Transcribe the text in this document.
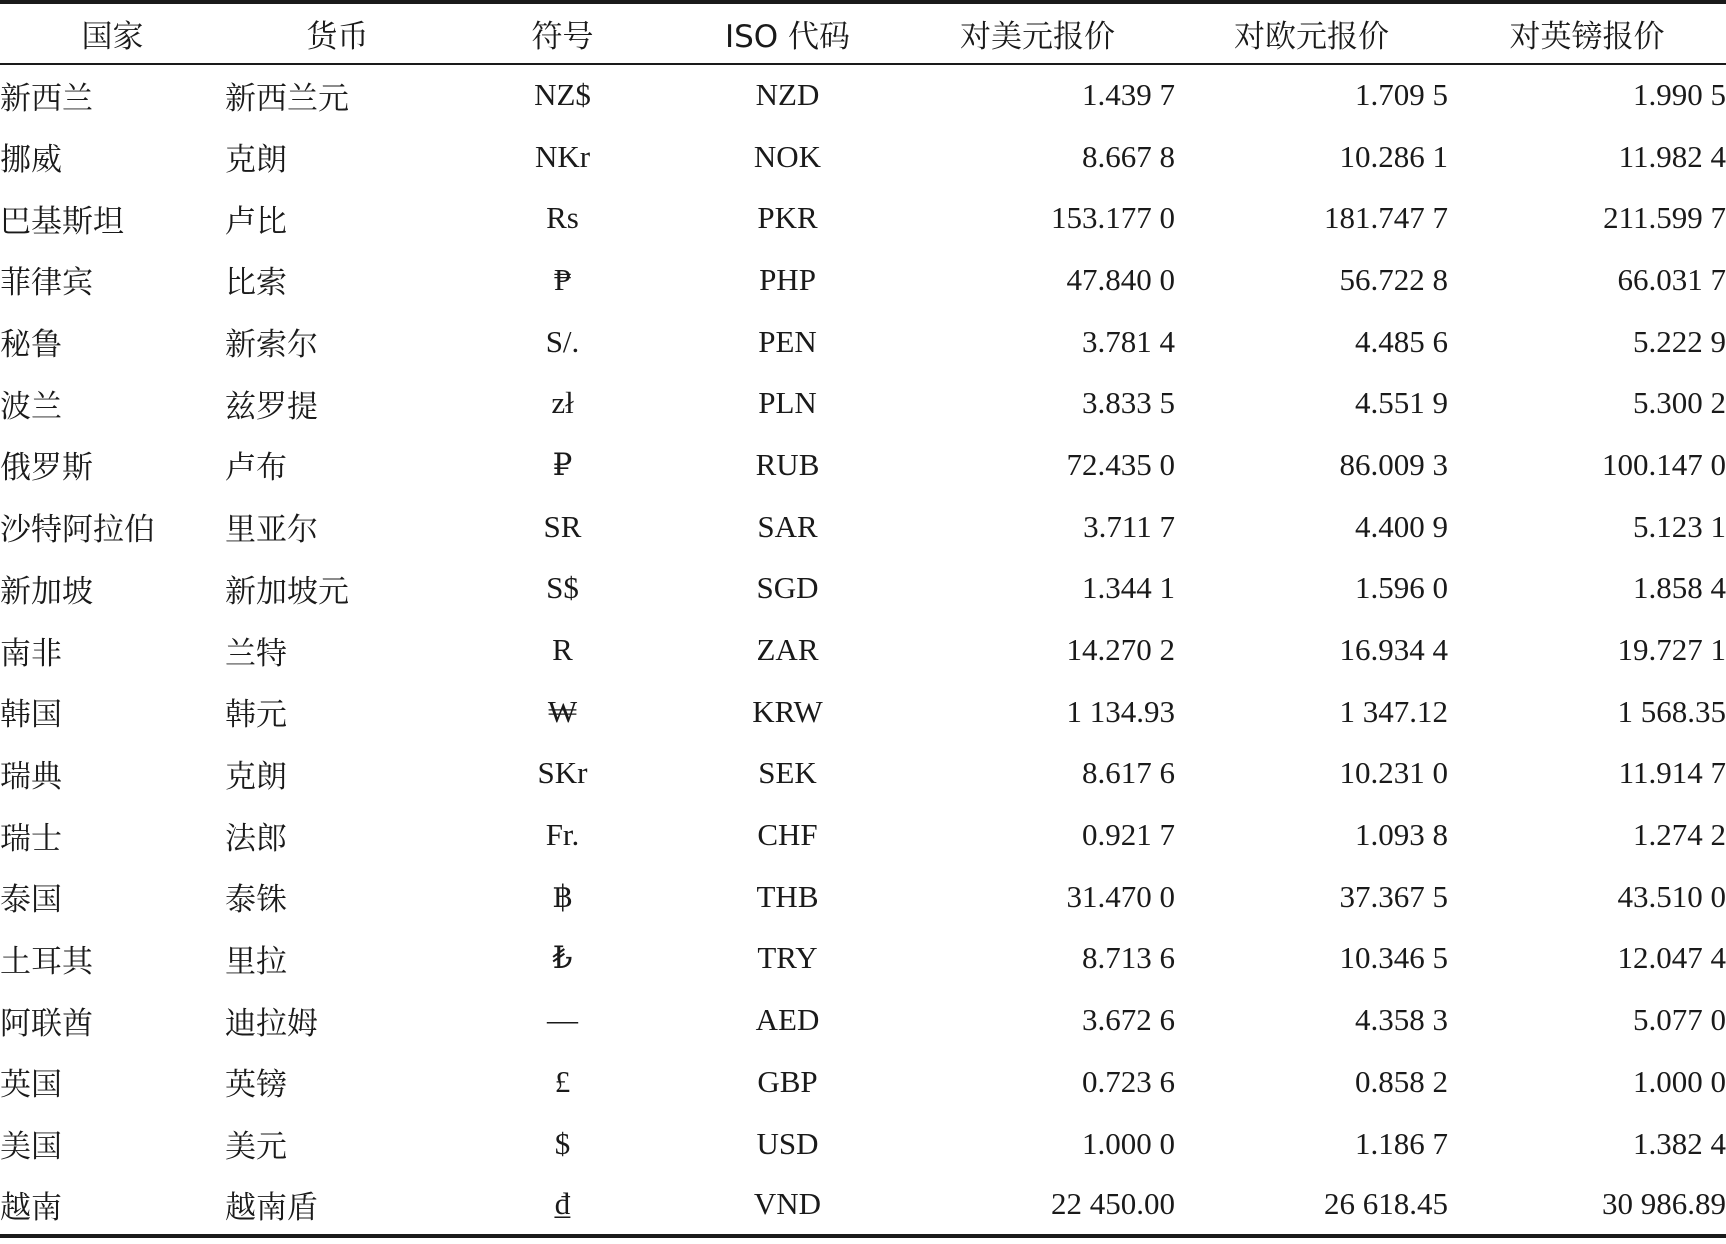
国家	货币	符号	ISO 代码	对美元报价	对欧元报价	对英镑报价
新西兰	新西兰元	NZ$	NZD	1.439 7	1.709 5	1.990 5
挪威	克朗	NKr	NOK	8.667 8	10.286 1	11.982 4
巴基斯坦	卢比	Rs	PKR	153.177 0	181.747 7	211.599 7
菲律宾	比索	₱	PHP	47.840 0	56.722 8	66.031 7
秘鲁	新索尔	S/.	PEN	3.781 4	4.485 6	5.222 9
波兰	兹罗提	zł	PLN	3.833 5	4.551 9	5.300 2
俄罗斯	卢布	₽	RUB	72.435 0	86.009 3	100.147 0
沙特阿拉伯	里亚尔	SR	SAR	3.711 7	4.400 9	5.123 1
新加坡	新加坡元	S$	SGD	1.344 1	1.596 0	1.858 4
南非	兰特	R	ZAR	14.270 2	16.934 4	19.727 1
韩国	韩元	₩	KRW	1 134.93	1 347.12	1 568.35
瑞典	克朗	SKr	SEK	8.617 6	10.231 0	11.914 7
瑞士	法郎	Fr.	CHF	0.921 7	1.093 8	1.274 2
泰国	泰铢	฿	THB	31.470 0	37.367 5	43.510 0
土耳其	里拉	₺	TRY	8.713 6	10.346 5	12.047 4
阿联酋	迪拉姆	—	AED	3.672 6	4.358 3	5.077 0
英国	英镑	£	GBP	0.723 6	0.858 2	1.000 0
美国	美元	$	USD	1.000 0	1.186 7	1.382 4
越南	越南盾	₫	VND	22 450.00	26 618.45	30 986.89
